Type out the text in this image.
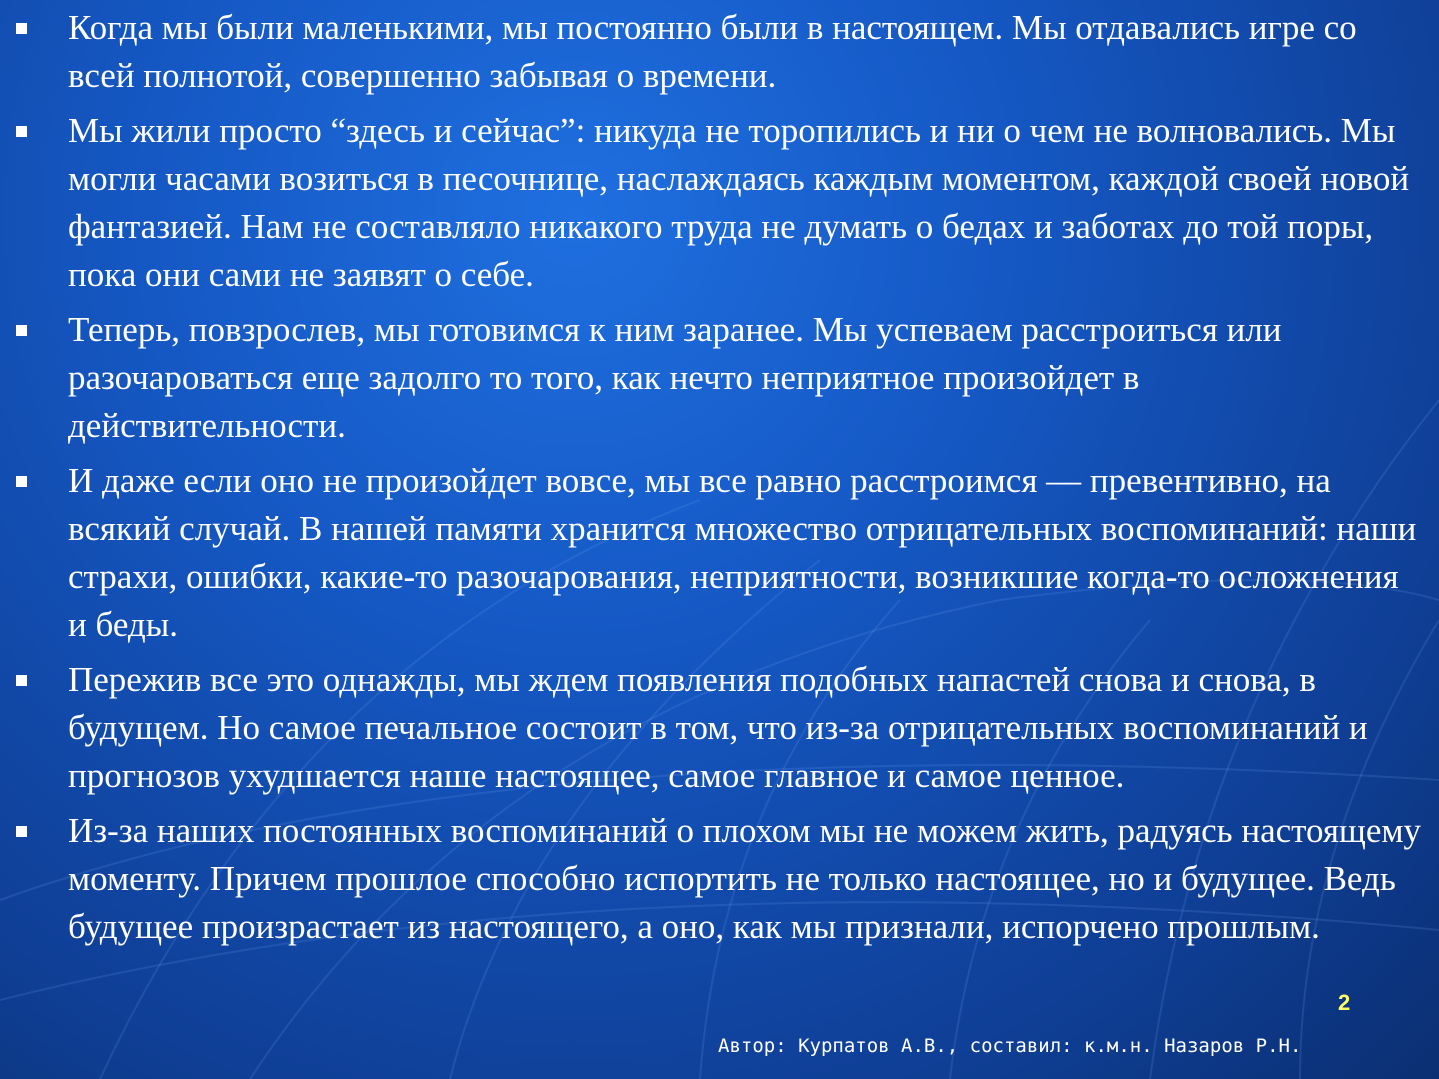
Когда мы были маленькими, мы постоянно были в настоящем. Мы отдавались игре со всей полнотой, совершенно забывая о времени.
Мы жили просто “здесь и сейчас”: никуда не торопились и ни о чем не волновались. Мы могли часами возиться в песочнице, наслаждаясь каждым моментом, каждой своей новой фантазией. Нам не составляло никакого труда не думать о бедах и заботах до той поры, пока они сами не заявят о себе.
Теперь, повзрослев, мы готовимся к ним заранее. Мы успеваем расстроиться или разочароваться еще задолго то того, как нечто неприятное произойдет в действительности.
И даже если оно не произойдет вовсе, мы все равно расстроимся — превентивно, на всякий случай. В нашей памяти хранится множество отрицательных воспоминаний: наши страхи, ошибки, какие-то разочарования, неприятности, возникшие когда-то осложнения и беды.
Пережив все это однажды, мы ждем появления подобных напастей снова и снова, в будущем. Но самое печальное состоит в том, что из-за отрицательных воспоминаний и прогнозов ухудшается наше настоящее, самое главное и самое ценное.
Из-за наших постоянных воспоминаний о плохом мы не можем жить, радуясь настоящему моменту. Причем прошлое способно испортить не только настоящее, но и будущее. Ведь будущее произрастает из настоящего, а оно, как мы признали, испорчено прошлым.
2
Автор: Курпатов А.В., составил: к.м.н. Назаров Р.Н.
